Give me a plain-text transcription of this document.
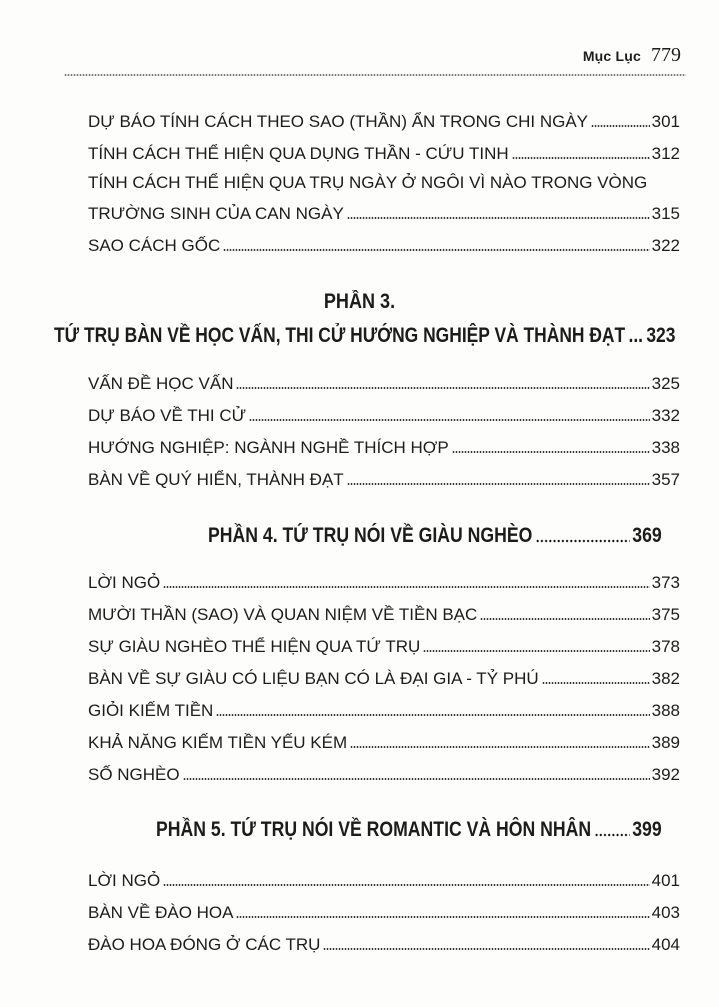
Mục Lục 779
DỰ BÁO TÍNH CÁCH THEO SAO (THẦN) ẨN TRONG CHI NGÀY	301
TÍNH CÁCH THỂ HIỆN QUA DỤNG THẦN - CỨU TINH	312
TÍNH CÁCH THỂ HIỆN QUA TRỤ NGÀY Ở NGÔI VÌ NÀO TRONG VÒNG
TRƯỜNG SINH CỦA CAN NGÀY	315
SAO CÁCH GỐC	322
PHẦN 3.
TỨ TRỤ BÀN VỀ HỌC VẤN, THI CỬ HƯỚNG NGHIỆP VÀ THÀNH ĐẠT ... 323
VẤN ĐỀ HỌC VẤN	325
DỰ BÁO VỀ THI CỬ	332
HƯỚNG NGHIỆP: NGÀNH NGHỀ THÍCH HỢP	338
BÀN VỀ QUÝ HIỂN, THÀNH ĐẠT	357
PHẦN 4. TỨ TRỤ NÓI VỀ GIÀU NGHÈO	369
LỜI NGỎ	373
MƯỜI THẦN (SAO) VÀ QUAN NIỆM VỀ TIỀN BẠC	375
SỰ GIÀU NGHÈO THỂ HIỆN QUA TỨ TRỤ	378
BÀN VỀ SỰ GIÀU CÓ LIỆU BẠN CÓ LÀ ĐẠI GIA - TỶ PHÚ	382
GIỎI KIẾM TIỀN	388
KHẢ NĂNG KIẾM TIỀN YẾU KÉM	389
SỐ NGHÈO	392
PHẦN 5. TỨ TRỤ NÓI VỀ ROMANTIC VÀ HÔN NHÂN 399
LỜI NGỎ	401
BÀN VỀ ĐÀO HOA	403
ĐÀO HOA ĐÓNG Ở CÁC TRỤ	404
